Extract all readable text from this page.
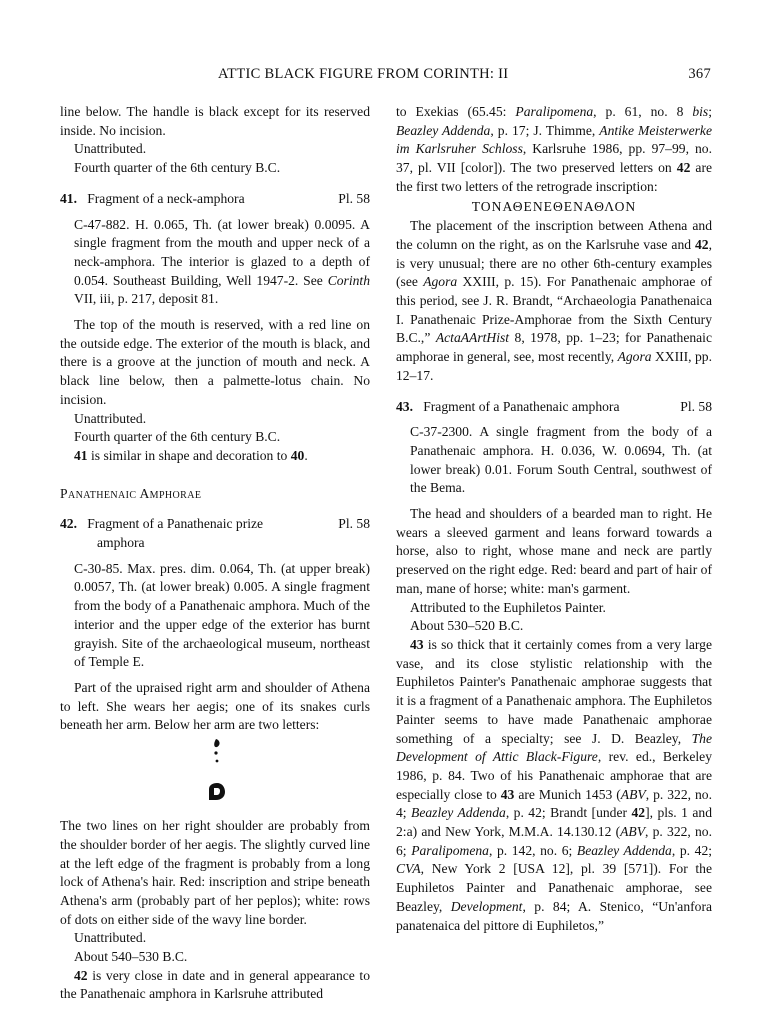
ATTIC BLACK FIGURE FROM CORINTH: II	367

line below. The handle is black except for its reserved inside. No incision.

Unattributed.

Fourth quarter of the 6th century B.C.

41. Fragment of a neck-amphora	Pl. 58

C-47-882. H. 0.065, Th. (at lower break) 0.0095. A single fragment from the mouth and upper neck of a neck-amphora. The interior is glazed to a depth of 0.054. Southeast Building, Well 1947-2. See Corinth VII, iii, p. 217, deposit 81.

The top of the mouth is reserved, with a red line on the outside edge. The exterior of the mouth is black, and there is a groove at the junction of mouth and neck. A black line below, then a palmette-lotus chain. No incision.

Unattributed.

Fourth quarter of the 6th century B.C.

41 is similar in shape and decoration to 40.

Panathenaic Amphorae

42. Fragment of a Panathenaic prize	Pl. 58
amphora

C-30-85. Max. pres. dim. 0.064, Th. (at upper break) 0.0057, Th. (at lower break) 0.005. A single fragment from the body of a Panathenaic amphora. Much of the interior and the upper edge of the exterior has burnt grayish. Site of the archaeological museum, northeast of Temple E.

Part of the upraised right arm and shoulder of Athena to left. She wears her aegis; one of its snakes curls beneath her arm. Below her arm are two letters:

The two lines on her right shoulder are probably from the shoulder border of her aegis. The slightly curved line at the left edge of the fragment is probably from a long lock of Athena's hair. Red: inscription and stripe beneath Athena's arm (probably part of her peplos); white: rows of dots on either side of the wavy line border.

Unattributed.

About 540–530 B.C.

42 is very close in date and in general appearance to the Panathenaic amphora in Karlsruhe attributed

to Exekias (65.45: Paralipomena, p. 61, no. 8 bis; Beazley Addenda, p. 17; J. Thimme, Antike Meisterwerke im Karlsruher Schloss, Karlsruhe 1986, pp. 97–99, no. 37, pl. VII [color]). The two preserved letters on 42 are the first two letters of the retrograde inscription:

ΤΟΝΑΘΕΝΕΘΕΝΑΘΛΟΝ

The placement of the inscription between Athena and the column on the right, as on the Karlsruhe vase and 42, is very unusual; there are no other 6th-century examples (see Agora XXIII, p. 15). For Panathenaic amphorae of this period, see J. R. Brandt, “Archaeologia Panathenaica I. Panathenaic Prize-Amphorae from the Sixth Century B.C.,” ActaAArtHist 8, 1978, pp. 1–23; for Panathenaic amphorae in general, see, most recently, Agora XXIII, pp. 12–17.

43. Fragment of a Panathenaic amphora	Pl. 58

C-37-2300. A single fragment from the body of a Panathenaic amphora. H. 0.036, W. 0.0694, Th. (at lower break) 0.01. Forum South Central, southwest of the Bema.

The head and shoulders of a bearded man to right. He wears a sleeved garment and leans forward towards a horse, also to right, whose mane and neck are partly preserved on the right edge. Red: beard and part of hair of man, mane of horse; white: man's garment.

Attributed to the Euphiletos Painter.

About 530–520 B.C.

43 is so thick that it certainly comes from a very large vase, and its close stylistic relationship with the Euphiletos Painter's Panathenaic amphorae suggests that it is a fragment of a Panathenaic amphora. The Euphiletos Painter seems to have made Panathenaic amphorae something of a specialty; see J. D. Beazley, The Development of Attic Black-Figure, rev. ed., Berkeley 1986, p. 84. Two of his Panathenaic amphorae that are especially close to 43 are Munich 1453 (ABV, p. 322, no. 4; Beazley Addenda, p. 42; Brandt [under 42], pls. 1 and 2:a) and New York, M.M.A. 14.130.12 (ABV, p. 322, no. 6; Paralipomena, p. 142, no. 6; Beazley Addenda, p. 42; CVA, New York 2 [USA 12], pl. 39 [571]). For the Euphiletos Painter and Panathenaic amphorae, see Beazley, Development, p. 84; A. Stenico, “Un'anfora panatenaica del pittore di Euphiletos,”
